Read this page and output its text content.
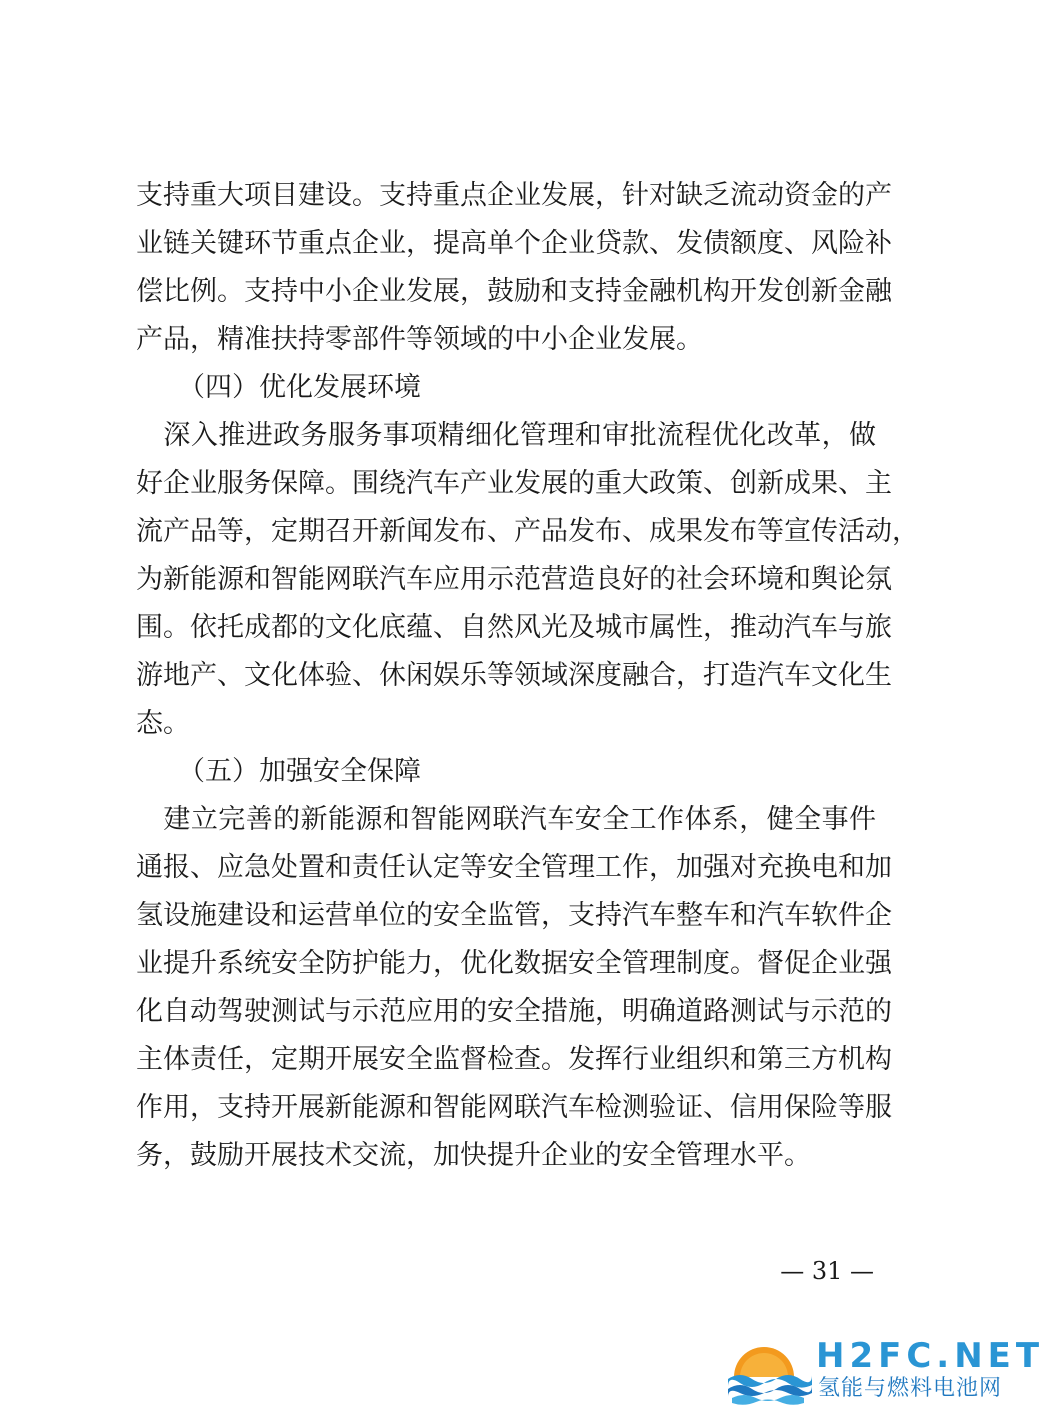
支持重大项目建设。支持重点企业发展，针对缺乏流动资金的产
业链关键环节重点企业，提高单个企业贷款、发债额度、风险补
偿比例。支持中小企业发展，鼓励和支持金融机构开发创新金融
产品，精准扶持零部件等领域的中小企业发展。
（四）优化发展环境
　深入推进政务服务事项精细化管理和审批流程优化改革，做
好企业服务保障。围绕汽车产业发展的重大政策、创新成果、主
流产品等，定期召开新闻发布、产品发布、成果发布等宣传活动，
为新能源和智能网联汽车应用示范营造良好的社会环境和舆论氛
围。依托成都的文化底蕴、自然风光及城市属性，推动汽车与旅
游地产、文化体验、休闲娱乐等领域深度融合，打造汽车文化生
态。
（五）加强安全保障
　建立完善的新能源和智能网联汽车安全工作体系，健全事件
通报、应急处置和责任认定等安全管理工作，加强对充换电和加
氢设施建设和运营单位的安全监管，支持汽车整车和汽车软件企
业提升系统安全防护能力，优化数据安全管理制度。督促企业强
化自动驾驶测试与示范应用的安全措施，明确道路测试与示范的
主体责任，定期开展安全监督检查。发挥行业组织和第三方机构
作用，支持开展新能源和智能网联汽车检测验证、信用保险等服
务，鼓励开展技术交流，加快提升企业的安全管理水平。
— 31 —
H2FC.NET
氢能与燃料电池网
